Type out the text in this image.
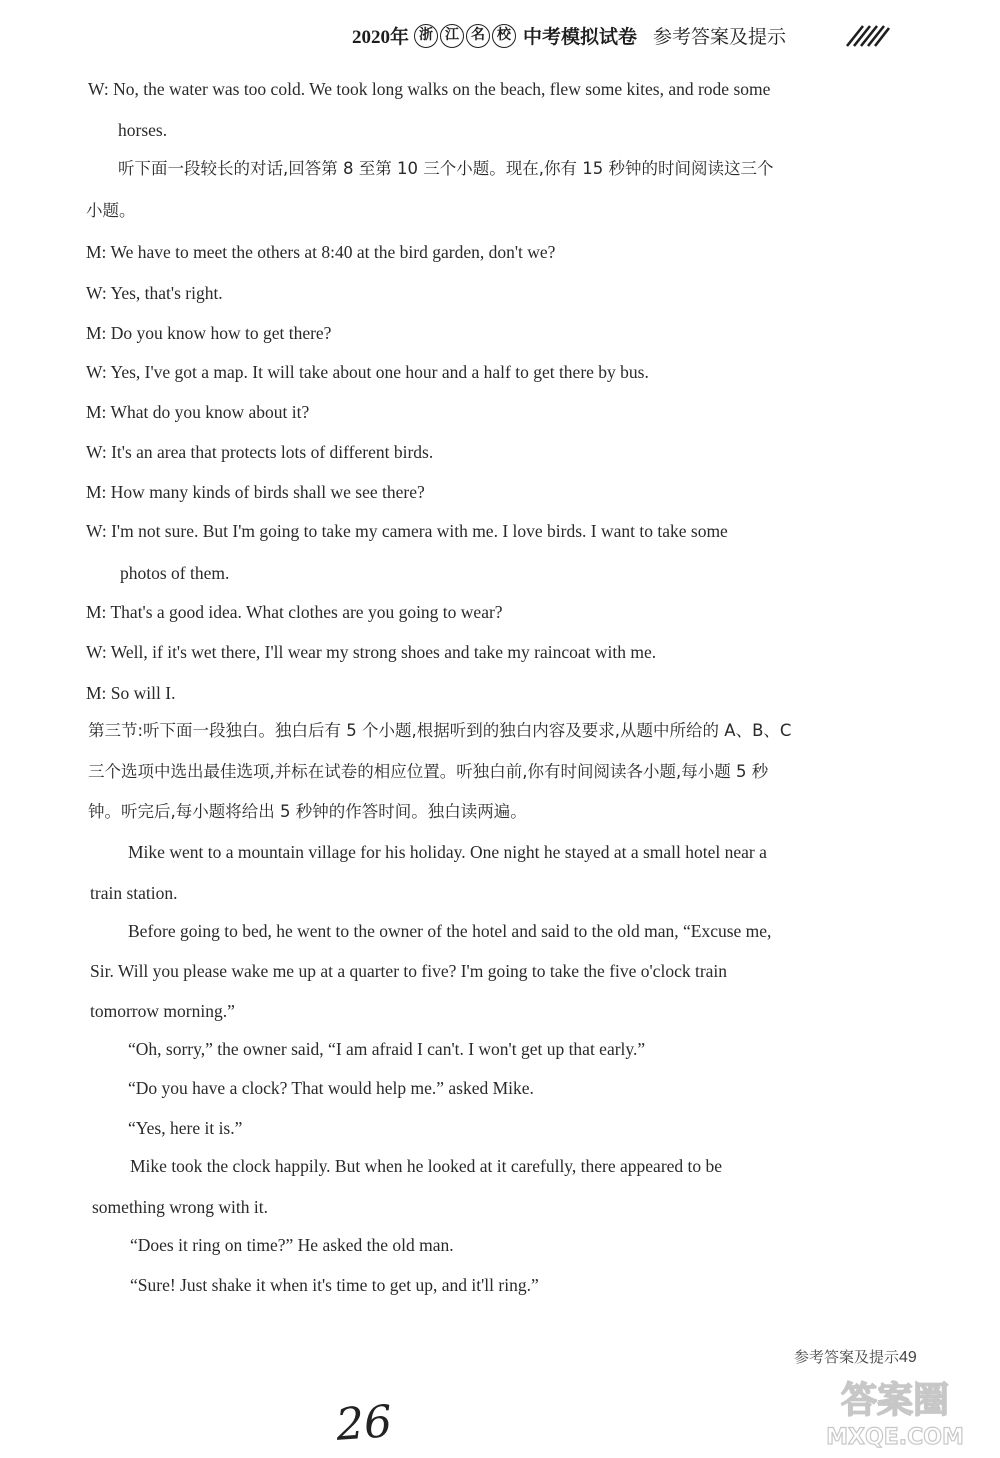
2020年 浙 江 名 校 中考模拟试卷 参考答案及提示
W: No, the water was too cold. We took long walks on the beach, flew some kites, and rode some
horses.
听下面一段较长的对话,回答第 8 至第 10 三个小题。现在,你有 15 秒钟的时间阅读这三个
小题。
M: We have to meet the others at 8:40 at the bird garden, don't we?
W: Yes, that's right.
M: Do you know how to get there?
W: Yes, I've got a map. It will take about one hour and a half to get there by bus.
M: What do you know about it?
W: It's an area that protects lots of different birds.
M: How many kinds of birds shall we see there?
W: I'm not sure. But I'm going to take my camera with me. I love birds. I want to take some
photos of them.
M: That's a good idea. What clothes are you going to wear?
W: Well, if it's wet there, I'll wear my strong shoes and take my raincoat with me.
M: So will I.
第三节:听下面一段独白。独白后有 5 个小题,根据听到的独白内容及要求,从题中所给的 A、B、C
三个选项中选出最佳选项,并标在试卷的相应位置。听独白前,你有时间阅读各小题,每小题 5 秒
钟。听完后,每小题将给出 5 秒钟的作答时间。独白读两遍。
Mike went to a mountain village for his holiday. One night he stayed at a small hotel near a
train station.
Before going to bed, he went to the owner of the hotel and said to the old man, “Excuse me,
Sir. Will you please wake me up at a quarter to five? I'm going to take the five o'clock train
tomorrow morning.”
“Oh, sorry,” the owner said, “I am afraid I can't. I won't get up that early.”
“Do you have a clock? That would help me.” asked Mike.
“Yes, here it is.”
Mike took the clock happily. But when he looked at it carefully, there appeared to be
something wrong with it.
“Does it ring on time?” He asked the old man.
“Sure! Just shake it when it's time to get up, and it'll ring.”
参考答案及提示49
26	答案圈
MXQE.COM
